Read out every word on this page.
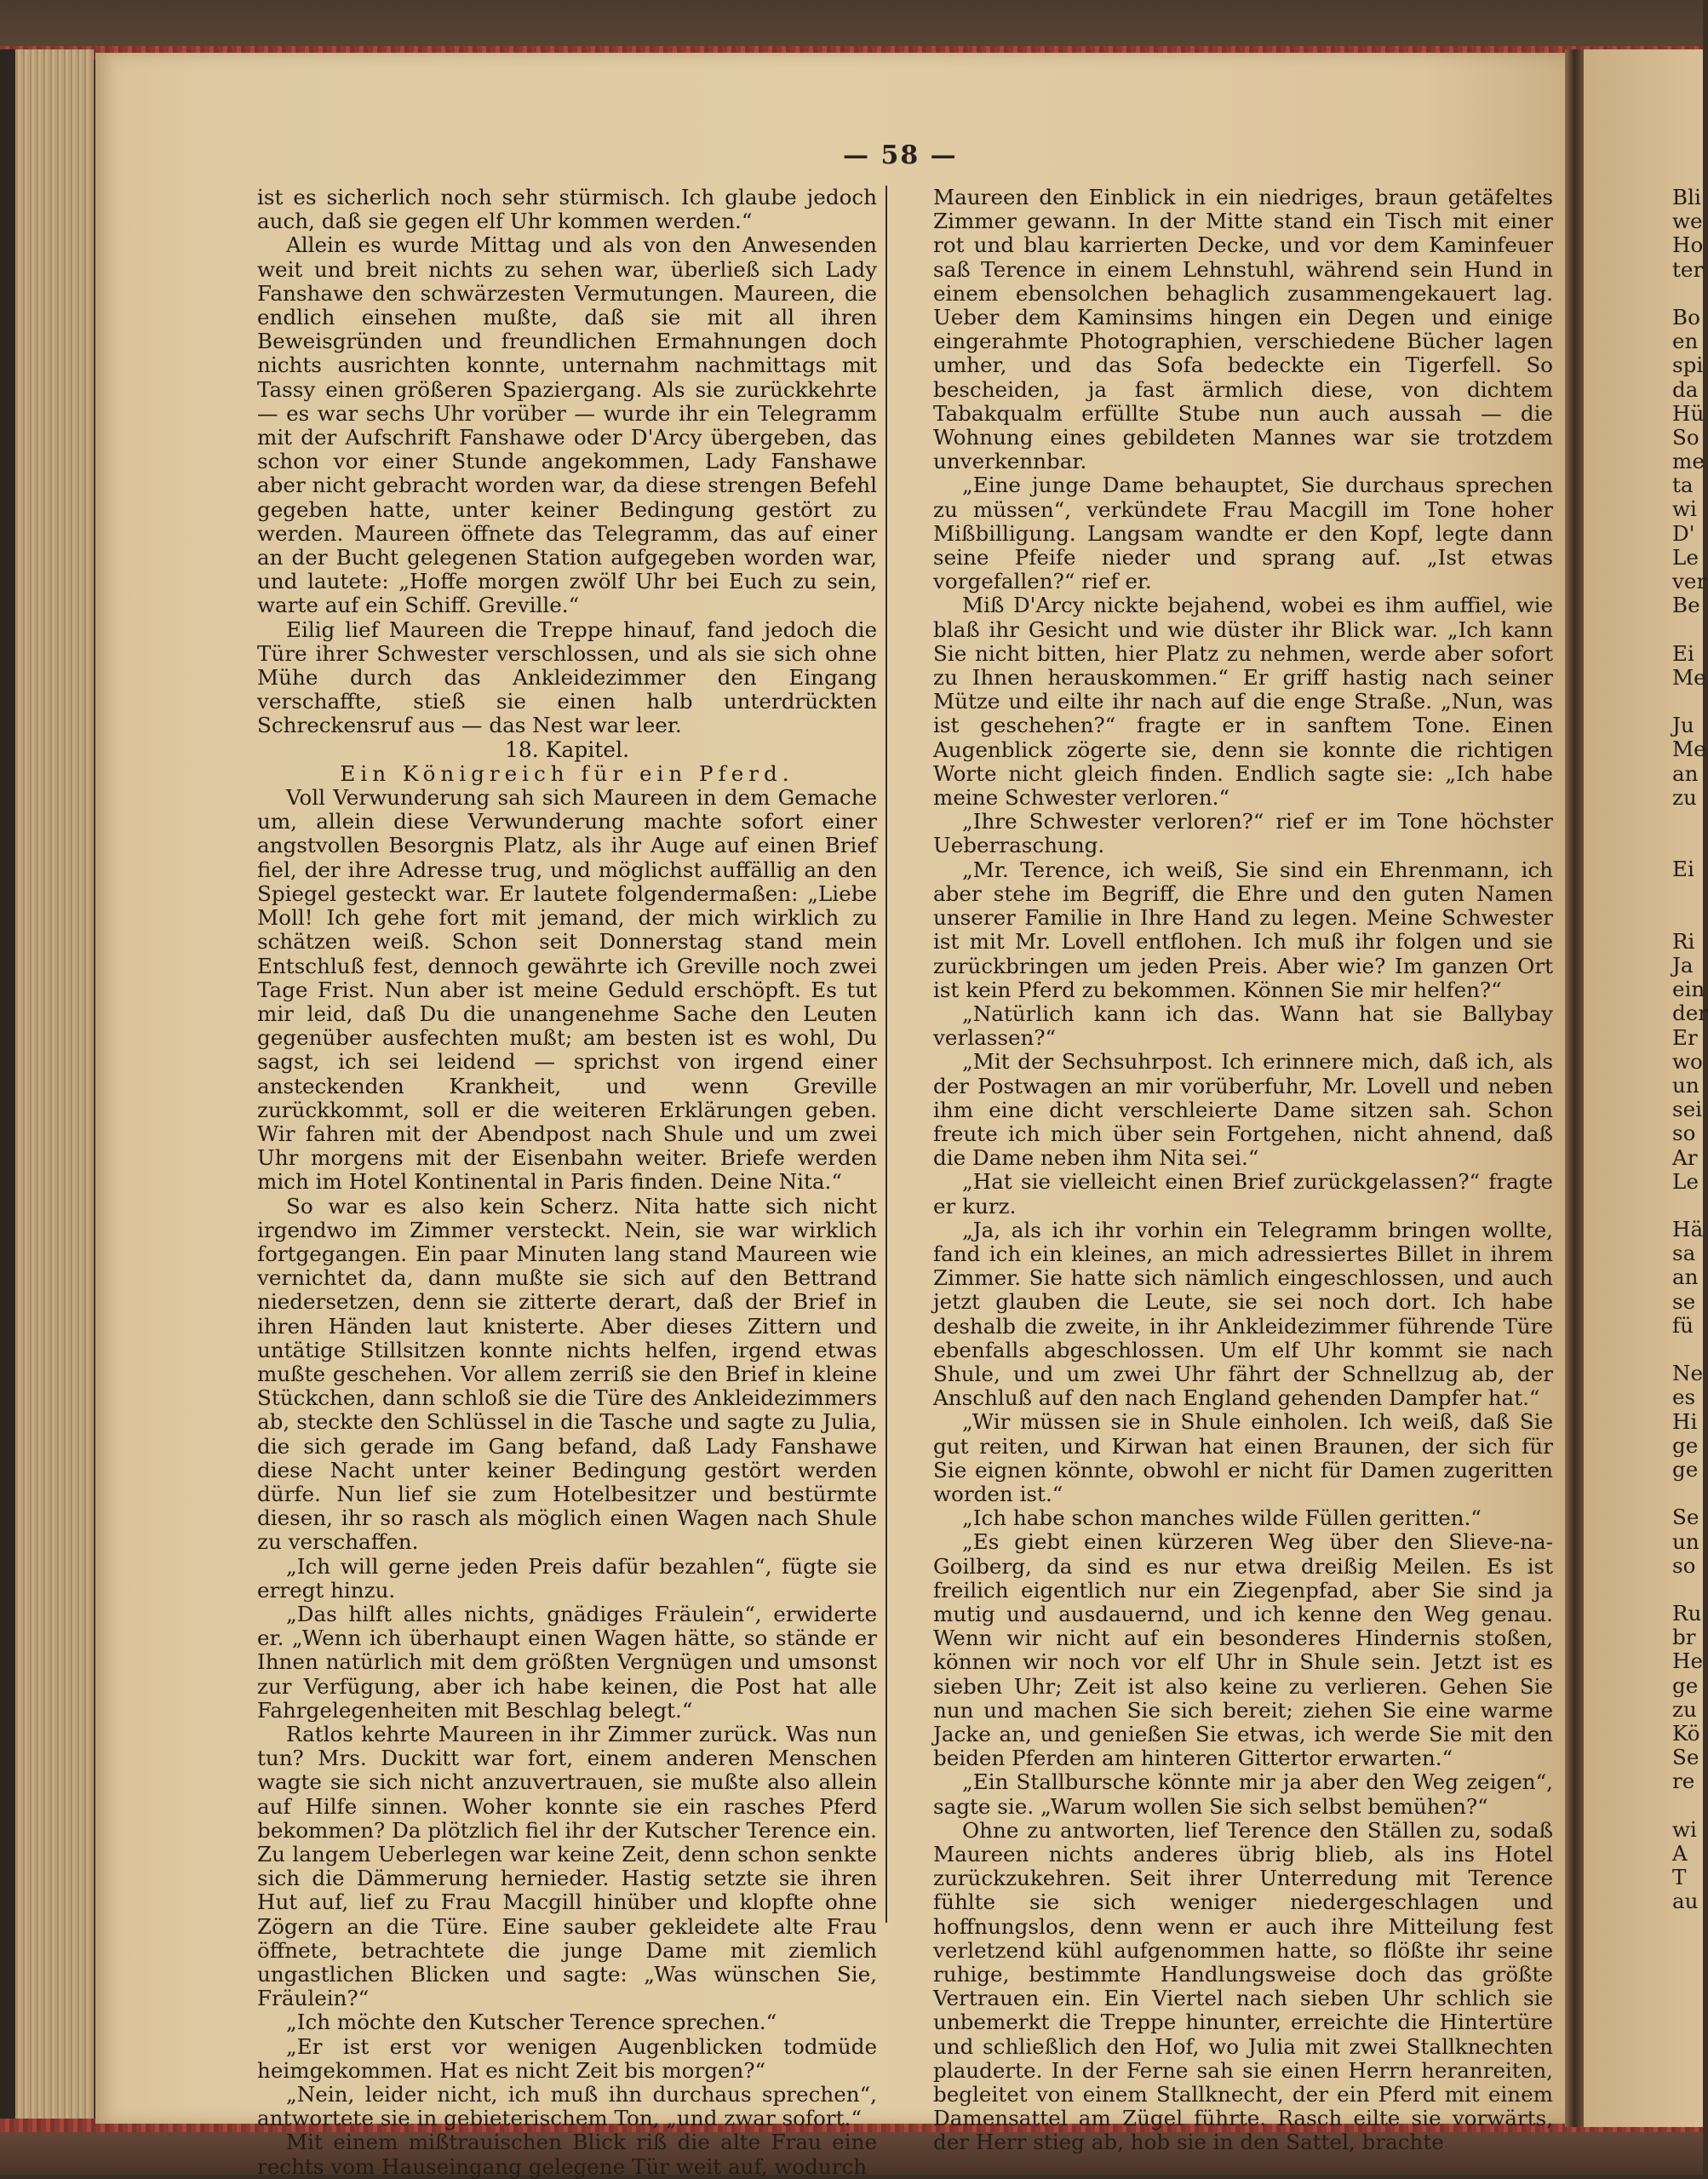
— 58 —

ist es sicherlich noch sehr stürmisch. Ich glaube jedoch auch, daß sie gegen elf Uhr kommen werden.“

Allein es wurde Mittag und als von den Anwesenden weit und breit nichts zu sehen war, überließ sich Lady Fanshawe den schwärzesten Vermutungen. Maureen, die endlich einsehen mußte, daß sie mit all ihren Beweisgründen und freundlichen Ermahnungen doch nichts ausrichten konnte, unternahm nachmittags mit Tassy einen größeren Spaziergang. Als sie zurückkehrte — es war sechs Uhr vorüber — wurde ihr ein Telegramm mit der Aufschrift Fanshawe oder D'Arcy übergeben, das schon vor einer Stunde angekommen, Lady Fanshawe aber nicht gebracht worden war, da diese strengen Befehl gegeben hatte, unter keiner Bedingung gestört zu werden. Maureen öffnete das Telegramm, das auf einer an der Bucht gelegenen Station aufgegeben worden war, und lautete: „Hoffe morgen zwölf Uhr bei Euch zu sein, warte auf ein Schiff. Greville.“

Eilig lief Maureen die Treppe hinauf, fand jedoch die Türe ihrer Schwester verschlossen, und als sie sich ohne Mühe durch das Ankleidezimmer den Eingang verschaffte, stieß sie einen halb unterdrückten Schreckensruf aus — das Nest war leer.

18. Kapitel.

Ein Königreich für ein Pferd.

Voll Verwunderung sah sich Maureen in dem Gemache um, allein diese Verwunderung machte sofort einer angstvollen Besorgnis Platz, als ihr Auge auf einen Brief fiel, der ihre Adresse trug, und möglichst auffällig an den Spiegel gesteckt war. Er lautete folgendermaßen: „Liebe Moll! Ich gehe fort mit jemand, der mich wirklich zu schätzen weiß. Schon seit Donnerstag stand mein Entschluß fest, dennoch gewährte ich Greville noch zwei Tage Frist. Nun aber ist meine Geduld erschöpft. Es tut mir leid, daß Du die unangenehme Sache den Leuten gegenüber ausfechten mußt; am besten ist es wohl, Du sagst, ich sei leidend — sprichst von irgend einer ansteckenden Krankheit, und wenn Greville zurückkommt, soll er die weiteren Erklärungen geben. Wir fahren mit der Abendpost nach Shule und um zwei Uhr morgens mit der Eisenbahn weiter. Briefe werden mich im Hotel Kontinental in Paris finden. Deine Nita.“

So war es also kein Scherz. Nita hatte sich nicht irgendwo im Zimmer versteckt. Nein, sie war wirklich fortgegangen. Ein paar Minuten lang stand Maureen wie vernichtet da, dann mußte sie sich auf den Bettrand niedersetzen, denn sie zitterte derart, daß der Brief in ihren Händen laut knisterte. Aber dieses Zittern und untätige Stillsitzen konnte nichts helfen, irgend etwas mußte geschehen. Vor allem zerriß sie den Brief in kleine Stückchen, dann schloß sie die Türe des Ankleidezimmers ab, steckte den Schlüssel in die Tasche und sagte zu Julia, die sich gerade im Gang befand, daß Lady Fanshawe diese Nacht unter keiner Bedingung gestört werden dürfe. Nun lief sie zum Hotelbesitzer und bestürmte diesen, ihr so rasch als möglich einen Wagen nach Shule zu verschaffen.

„Ich will gerne jeden Preis dafür bezahlen“, fügte sie erregt hinzu.

„Das hilft alles nichts, gnädiges Fräulein“, erwiderte er. „Wenn ich überhaupt einen Wagen hätte, so stände er Ihnen natürlich mit dem größten Vergnügen und umsonst zur Verfügung, aber ich habe keinen, die Post hat alle Fahrgelegenheiten mit Beschlag belegt.“

Ratlos kehrte Maureen in ihr Zimmer zurück. Was nun tun? Mrs. Duckitt war fort, einem anderen Menschen wagte sie sich nicht anzuvertrauen, sie mußte also allein auf Hilfe sinnen. Woher konnte sie ein rasches Pferd bekommen? Da plötzlich fiel ihr der Kutscher Terence ein. Zu langem Ueberlegen war keine Zeit, denn schon senkte sich die Dämmerung hernieder. Hastig setzte sie ihren Hut auf, lief zu Frau Macgill hinüber und klopfte ohne Zögern an die Türe. Eine sauber gekleidete alte Frau öffnete, betrachtete die junge Dame mit ziemlich ungastlichen Blicken und sagte: „Was wünschen Sie, Fräulein?“

„Ich möchte den Kutscher Terence sprechen.“

„Er ist erst vor wenigen Augenblicken todmüde heimgekommen. Hat es nicht Zeit bis morgen?“

„Nein, leider nicht, ich muß ihn durchaus sprechen“, antwortete sie in gebieterischem Ton, „und zwar sofort.“

Mit einem mißtrauischen Blick riß die alte Frau eine rechts vom Hauseingang gelegene Tür weit auf, wodurch

Maureen den Einblick in ein niedriges, braun getäfeltes Zimmer gewann. In der Mitte stand ein Tisch mit einer rot und blau karrierten Decke, und vor dem Kaminfeuer saß Terence in einem Lehnstuhl, während sein Hund in einem ebensolchen behaglich zusammengekauert lag. Ueber dem Kaminsims hingen ein Degen und einige eingerahmte Photographien, verschiedene Bücher lagen umher, und das Sofa bedeckte ein Tigerfell. So bescheiden, ja fast ärmlich diese, von dichtem Tabakqualm erfüllte Stube nun auch aussah — die Wohnung eines gebildeten Mannes war sie trotzdem unverkennbar.

„Eine junge Dame behauptet, Sie durchaus sprechen zu müssen“, verkündete Frau Macgill im Tone hoher Mißbilligung. Langsam wandte er den Kopf, legte dann seine Pfeife nieder und sprang auf. „Ist etwas vorgefallen?“ rief er.

Miß D'Arcy nickte bejahend, wobei es ihm auffiel, wie blaß ihr Gesicht und wie düster ihr Blick war. „Ich kann Sie nicht bitten, hier Platz zu nehmen, werde aber sofort zu Ihnen herauskommen.“ Er griff hastig nach seiner Mütze und eilte ihr nach auf die enge Straße. „Nun, was ist geschehen?“ fragte er in sanftem Tone. Einen Augenblick zögerte sie, denn sie konnte die richtigen Worte nicht gleich finden. Endlich sagte sie: „Ich habe meine Schwester verloren.“

„Ihre Schwester verloren?“ rief er im Tone höchster Ueberraschung.

„Mr. Terence, ich weiß, Sie sind ein Ehrenmann, ich aber stehe im Begriff, die Ehre und den guten Namen unserer Familie in Ihre Hand zu legen. Meine Schwester ist mit Mr. Lovell entflohen. Ich muß ihr folgen und sie zurückbringen um jeden Preis. Aber wie? Im ganzen Ort ist kein Pferd zu bekommen. Können Sie mir helfen?“

„Natürlich kann ich das. Wann hat sie Ballybay verlassen?“

„Mit der Sechsuhrpost. Ich erinnere mich, daß ich, als der Postwagen an mir vorüberfuhr, Mr. Lovell und neben ihm eine dicht verschleierte Dame sitzen sah. Schon freute ich mich über sein Fortgehen, nicht ahnend, daß die Dame neben ihm Nita sei.“

„Hat sie vielleicht einen Brief zurückgelassen?“ fragte er kurz.

„Ja, als ich ihr vorhin ein Telegramm bringen wollte, fand ich ein kleines, an mich adressiertes Billet in ihrem Zimmer. Sie hatte sich nämlich eingeschlossen, und auch jetzt glauben die Leute, sie sei noch dort. Ich habe deshalb die zweite, in ihr Ankleidezimmer führende Türe ebenfalls abgeschlossen. Um elf Uhr kommt sie nach Shule, und um zwei Uhr fährt der Schnellzug ab, der Anschluß auf den nach England gehenden Dampfer hat.“

„Wir müssen sie in Shule einholen. Ich weiß, daß Sie gut reiten, und Kirwan hat einen Braunen, der sich für Sie eignen könnte, obwohl er nicht für Damen zugeritten worden ist.“

„Ich habe schon manches wilde Füllen geritten.“

„Es giebt einen kürzeren Weg über den Slieve-na-Goilberg, da sind es nur etwa dreißig Meilen. Es ist freilich eigentlich nur ein Ziegenpfad, aber Sie sind ja mutig und ausdauernd, und ich kenne den Weg genau. Wenn wir nicht auf ein besonderes Hindernis stoßen, können wir noch vor elf Uhr in Shule sein. Jetzt ist es sieben Uhr; Zeit ist also keine zu verlieren. Gehen Sie nun und machen Sie sich bereit; ziehen Sie eine warme Jacke an, und genießen Sie etwas, ich werde Sie mit den beiden Pferden am hinteren Gittertor erwarten.“

„Ein Stallbursche könnte mir ja aber den Weg zeigen“, sagte sie. „Warum wollen Sie sich selbst bemühen?“

Ohne zu antworten, lief Terence den Ställen zu, sodaß Maureen nichts anderes übrig blieb, als ins Hotel zurückzukehren. Seit ihrer Unterredung mit Terence fühlte sie sich weniger niedergeschlagen und hoffnungslos, denn wenn er auch ihre Mitteilung fest verletzend kühl aufgenommen hatte, so flößte ihr seine ruhige, bestimmte Handlungsweise doch das größte Vertrauen ein. Ein Viertel nach sieben Uhr schlich sie unbemerkt die Treppe hinunter, erreichte die Hintertüre und schließlich den Hof, wo Julia mit zwei Stallknechten plauderte. In der Ferne sah sie einen Herrn heranreiten, begleitet von einem Stallknecht, der ein Pferd mit einem Damensattel am Zügel führte. Rasch eilte sie vorwärts, der Herr stieg ab, hob sie in den Sattel, brachte

Bli
we
Ho
ter
Bo
en
spi
da
Hü
So
me
ta
wi
D'
Le
ver
Be
Ei
Me
Ju
Me
an
zu
Ei
Ri
Ja
ein
der
Er
wo
un
sei
so
Ar
Le
Hä
sa
an
se
fü
Ne
es
Hi
ge
ge
Se
un
so
Ru
br
He
ge
zu
Kö
Se
re
wi
A
T
au
